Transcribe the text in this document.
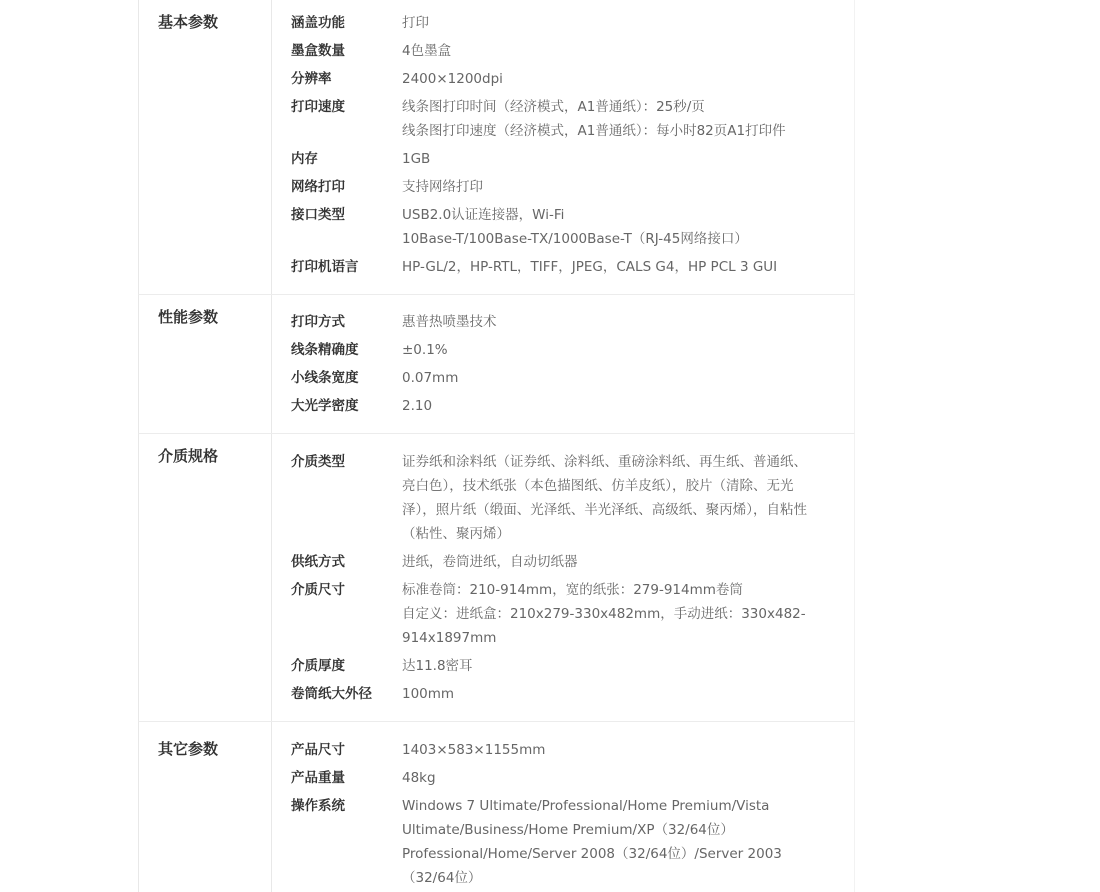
基本参数	涵盖功能	打印
墨盒数量	4色墨盒
分辨率	2400×1200dpi
打印速度	线条图打印时间（经济模式，A1普通纸）：25秒/页
线条图打印速度（经济模式，A1普通纸）：每小时82页A1打印件
内存	1GB
网络打印	支持网络打印
接口类型	USB2.0认证连接器，Wi-Fi
10Base-T/100Base-TX/1000Base-T（RJ-45网络接口）
打印机语言	HP-GL/2，HP-RTL，TIFF，JPEG，CALS G4，HP PCL 3 GUI
性能参数	打印方式	惠普热喷墨技术
线条精确度	±0.1%
小线条宽度	0.07mm
大光学密度	2.10
介质规格	介质类型	证券纸和涂料纸（证券纸、涂料纸、重磅涂料纸、再生纸、普通纸、亮白色），技术纸张（本色描图纸、仿羊皮纸），胶片（清除、无光泽），照片纸（缎面、光泽纸、半光泽纸、高级纸、聚丙烯），自粘性（粘性、聚丙烯）
供纸方式	进纸，卷筒进纸，自动切纸器
介质尺寸	标准卷筒：210-914mm，宽的纸张：279-914mm卷筒
自定义：进纸盒：210x279-330x482mm，手动进纸：330x482-914x1897mm
介质厚度	达11.8密耳
卷筒纸大外径	100mm
其它参数	产品尺寸	1403×583×1155mm
产品重量	48kg
操作系统	Windows 7 Ultimate/Professional/Home Premium/Vista Ultimate/Business/Home Premium/XP（32/64位）Professional/Home/Server 2008（32/64位）/Server 2003（32/64位）
